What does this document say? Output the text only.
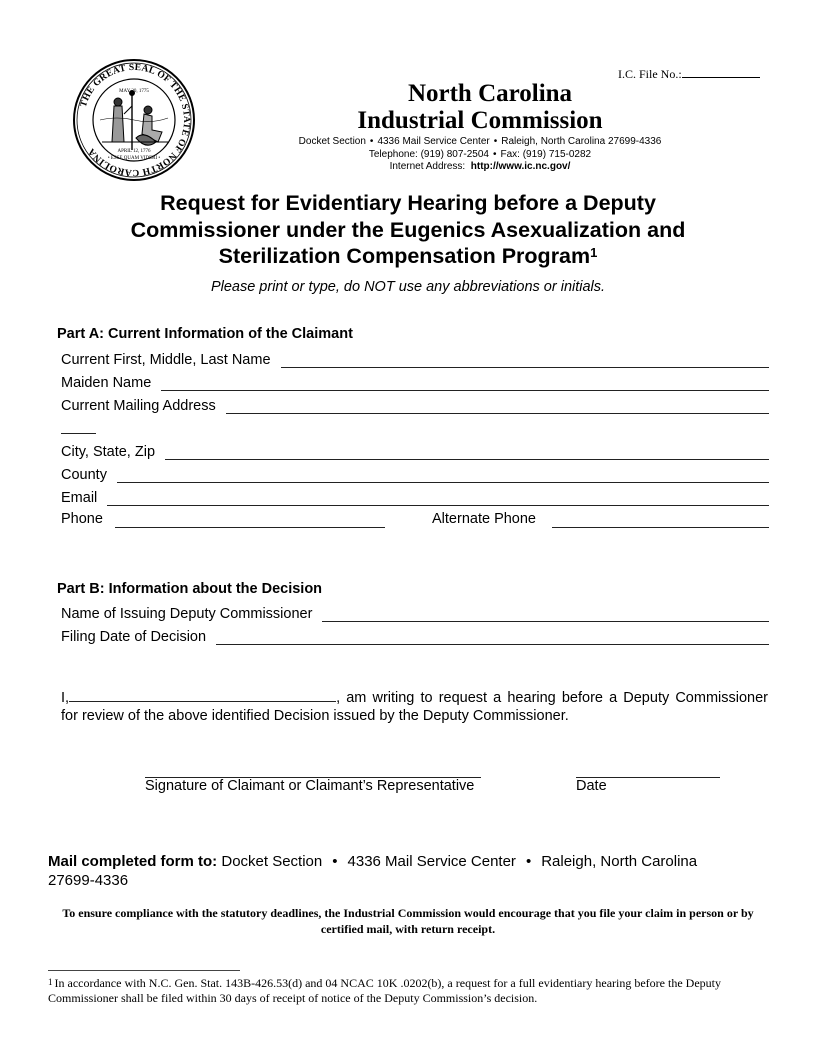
THE GREAT SEAL OF THE STATE OF NORTH CAROLINA
MAY 20, 1775
APRIL 12, 1776
• ESSE QUAM VIDERI •
I.C. File No.:
North Carolina
Industrial Commission
Docket Section • 4336 Mail Service Center • Raleigh, North Carolina 27699-4336
Telephone: (919) 807-2504 • Fax: (919) 715-0282
Internet Address: http://www.ic.nc.gov/
Request for Evidentiary Hearing before a Deputy
Commissioner under the Eugenics Asexualization and
Sterilization Compensation Program$^1$
Please print or type, do NOT use any abbreviations or initials.
Part A: Current Information of the Claimant
Current First, Middle, Last Name
Maiden Name
Current Mailing Address
City, State, Zip
County
Email
Phone	Alternate Phone
Part B: Information about the Decision
Name of Issuing Deputy Commissioner
Filing Date of Decision
I,	, am writing to request a hearing before a Deputy Commissioner for review of the above identified Decision issued by the Deputy Commissioner.
Signature of Claimant or Claimant’s Representative	Date
Mail completed form to: Docket Section • 4336 Mail Service Center • Raleigh, North Carolina
27699-4336
To ensure compliance with the statutory deadlines, the Industrial Commission would encourage that you file your claim in person or by certified mail, with return receipt.
$^1$ In accordance with N.C. Gen. Stat. 143B-426.53(d) and 04 NCAC 10K .0202(b), a request for a full evidentiary hearing before the Deputy Commissioner shall be filed within 30 days of receipt of notice of the Deputy Commission’s decision.
